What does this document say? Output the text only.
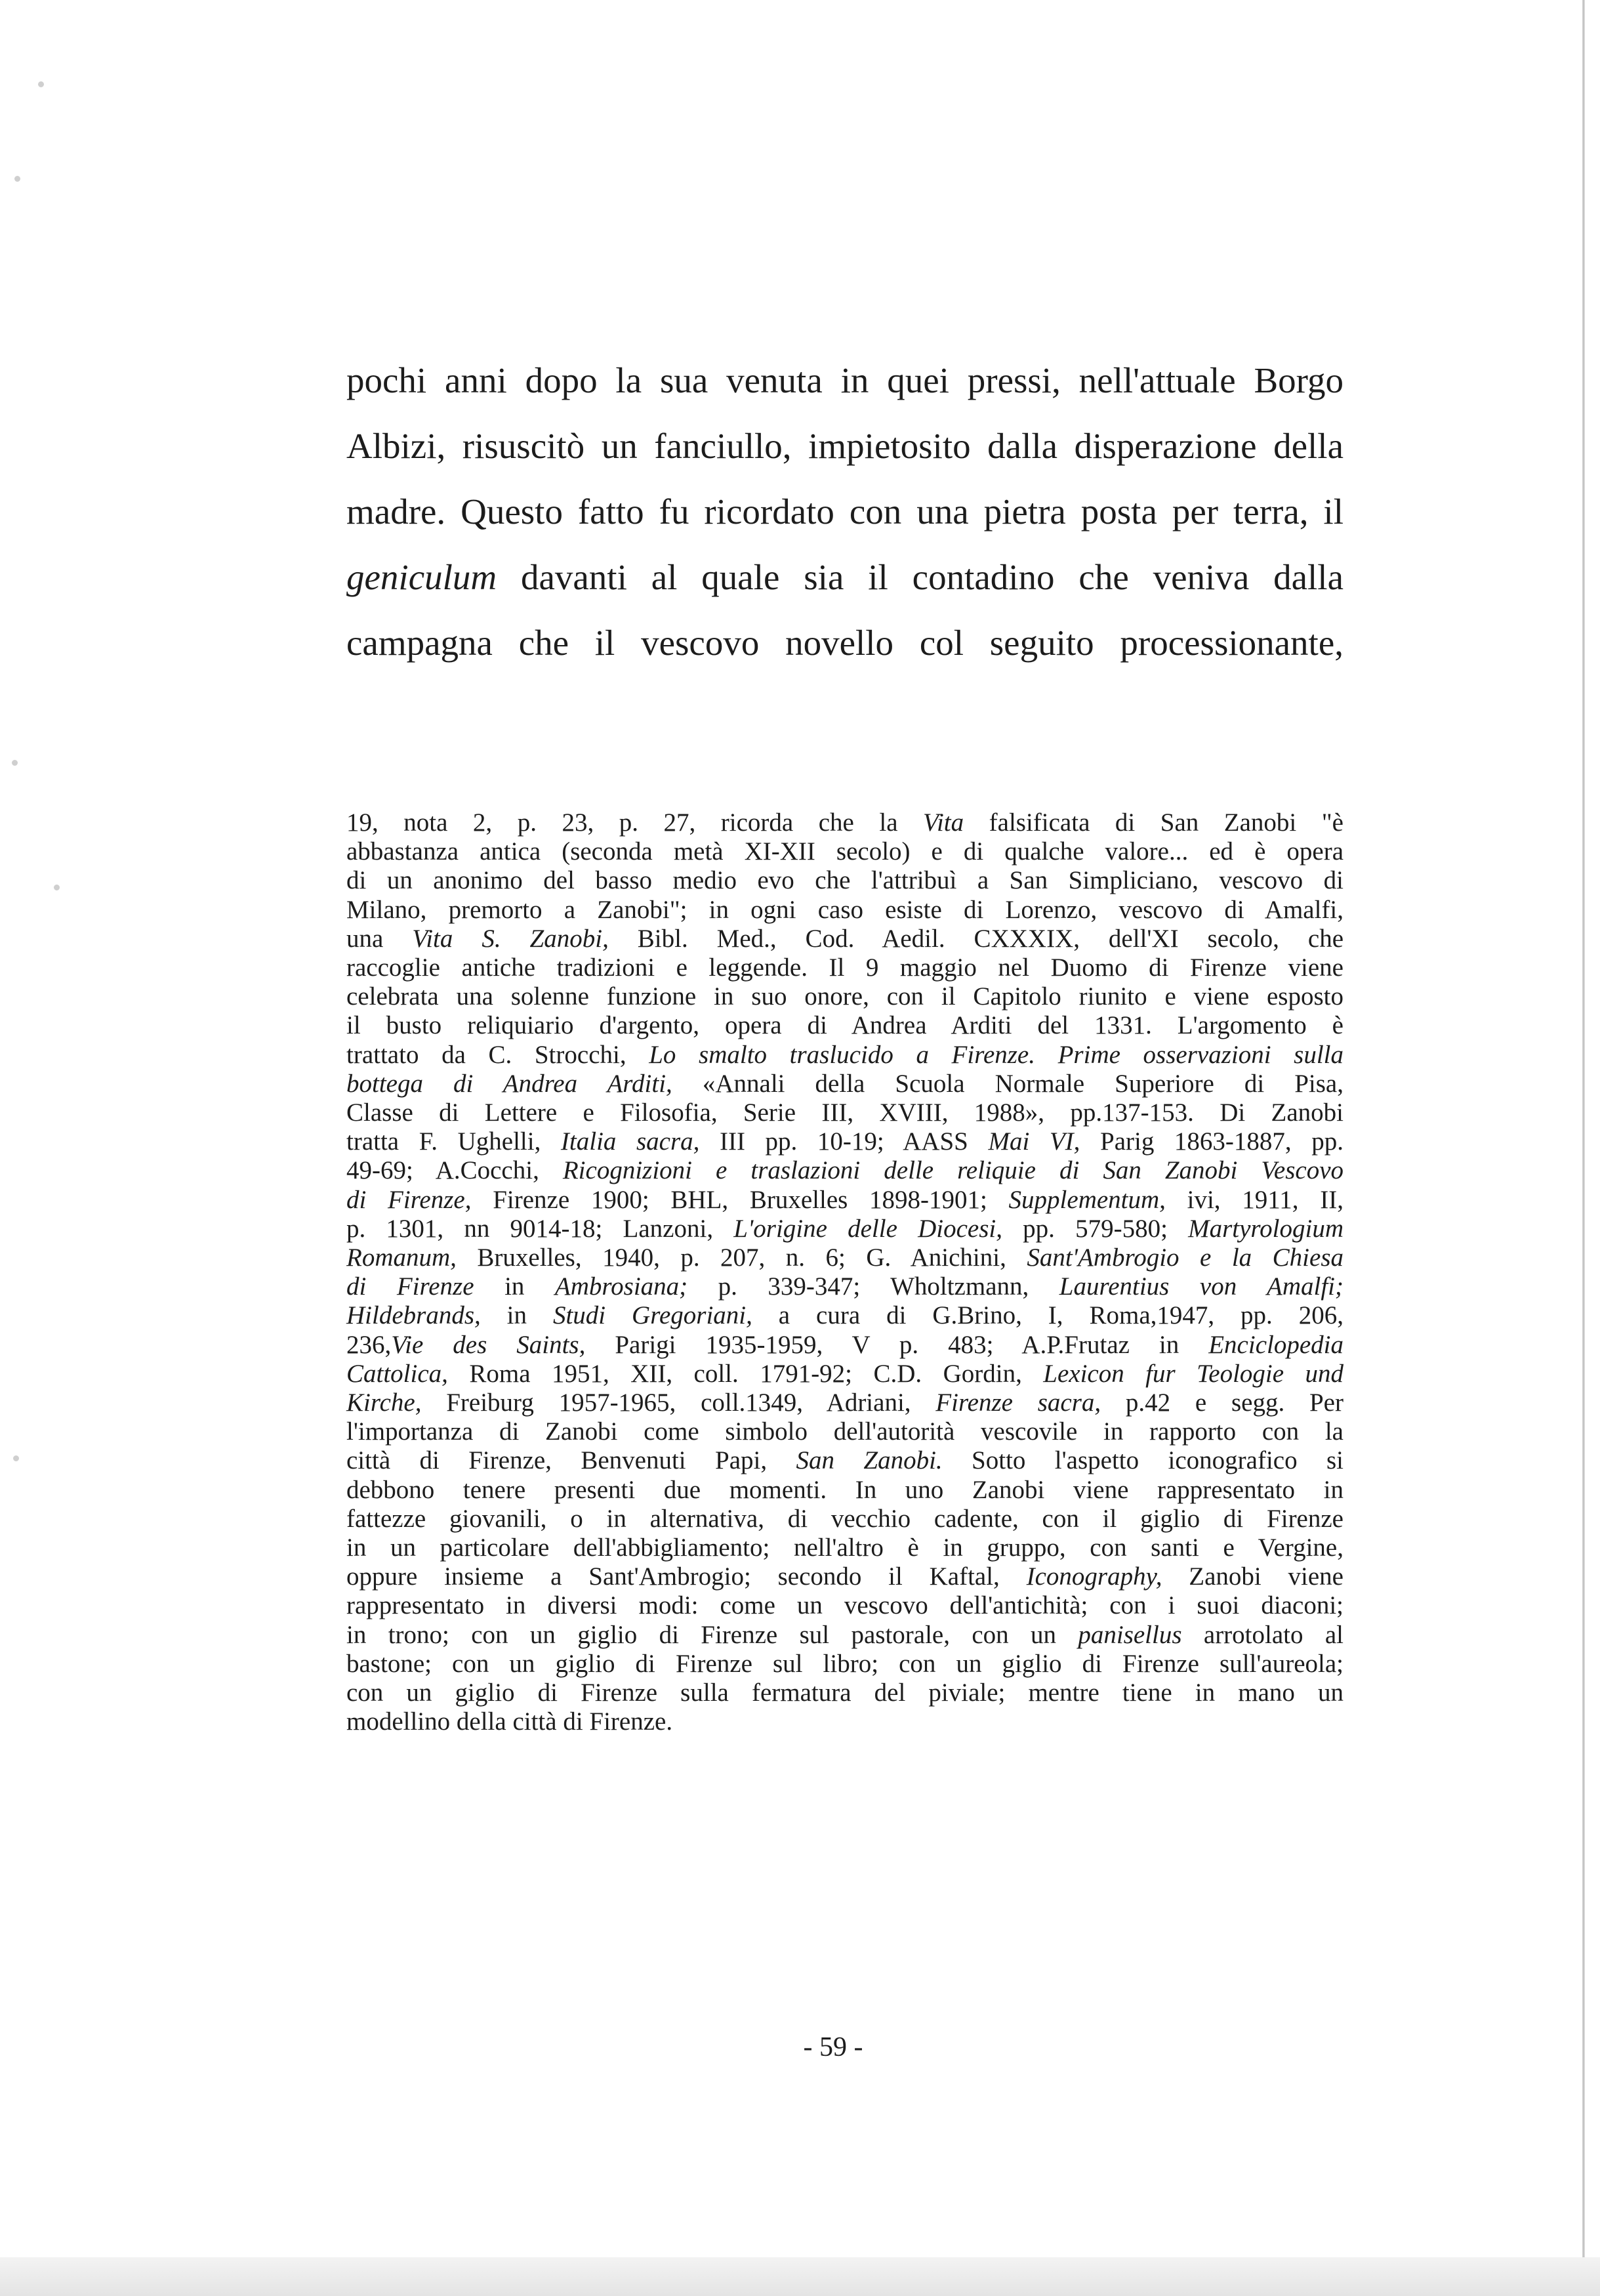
pochi anni dopo la sua venuta in quei pressi, nell'attuale Borgo
Albizi, risuscitò un fanciullo, impietosito dalla disperazione della
madre. Questo fatto fu ricordato con una pietra posta per terra, il
geniculum davanti al quale sia il contadino che veniva dalla
campagna che il vescovo novello col seguito processionante,
19, nota 2, p. 23, p. 27, ricorda che la Vita falsificata di San Zanobi "è
abbastanza antica (seconda metà XI-XII secolo) e di qualche valore... ed è opera
di un anonimo del basso medio evo che l'attribuì a San Simpliciano, vescovo di
Milano, premorto a Zanobi"; in ogni caso esiste di Lorenzo, vescovo di Amalfi,
una Vita S. Zanobi, Bibl. Med., Cod. Aedil. CXXXIX, dell'XI secolo, che
raccoglie antiche tradizioni e leggende. Il 9 maggio nel Duomo di Firenze viene
celebrata una solenne funzione in suo onore, con il Capitolo riunito e viene esposto
il busto reliquiario d'argento, opera di Andrea Arditi del 1331. L'argomento è
trattato da C. Strocchi, Lo smalto traslucido a Firenze. Prime osservazioni sulla
bottega di Andrea Arditi, «Annali della Scuola Normale Superiore di Pisa,
Classe di Lettere e Filosofia, Serie III, XVIII, 1988», pp.137-153. Di Zanobi
tratta F. Ughelli, Italia sacra, III pp. 10-19; AASS Mai VI, Parig 1863-1887, pp.
49-69; A.Cocchi, Ricognizioni e traslazioni delle reliquie di San Zanobi Vescovo
di Firenze, Firenze 1900; BHL, Bruxelles 1898-1901; Supplementum, ivi, 1911, II,
p. 1301, nn 9014-18; Lanzoni, L'origine delle Diocesi, pp. 579-580; Martyrologium
Romanum, Bruxelles, 1940, p. 207, n. 6; G. Anichini, Sant'Ambrogio e la Chiesa
di Firenze in Ambrosiana; p. 339-347; Wholtzmann, Laurentius von Amalfi;
Hildebrands, in Studi Gregoriani, a cura di G.Brino, I, Roma,1947, pp. 206,
236,Vie des Saints, Parigi 1935-1959, V p. 483; A.P.Frutaz in Enciclopedia
Cattolica, Roma 1951, XII, coll. 1791-92; C.D. Gordin, Lexicon fur Teologie und
Kirche, Freiburg 1957-1965, coll.1349, Adriani, Firenze sacra, p.42 e segg. Per
l'importanza di Zanobi come simbolo dell'autorità vescovile in rapporto con la
città di Firenze, Benvenuti Papi, San Zanobi. Sotto l'aspetto iconografico si
debbono tenere presenti due momenti. In uno Zanobi viene rappresentato in
fattezze giovanili, o in alternativa, di vecchio cadente, con il giglio di Firenze
in un particolare dell'abbigliamento; nell'altro è in gruppo, con santi e Vergine,
oppure insieme a Sant'Ambrogio; secondo il Kaftal, Iconography, Zanobi viene
rappresentato in diversi modi: come un vescovo dell'antichità; con i suoi diaconi;
in trono; con un giglio di Firenze sul pastorale, con un panisellus arrotolato al
bastone; con un giglio di Firenze sul libro; con un giglio di Firenze sull'aureola;
con un giglio di Firenze sulla fermatura del piviale; mentre tiene in mano un
modellino della città di Firenze.
- 59 -
